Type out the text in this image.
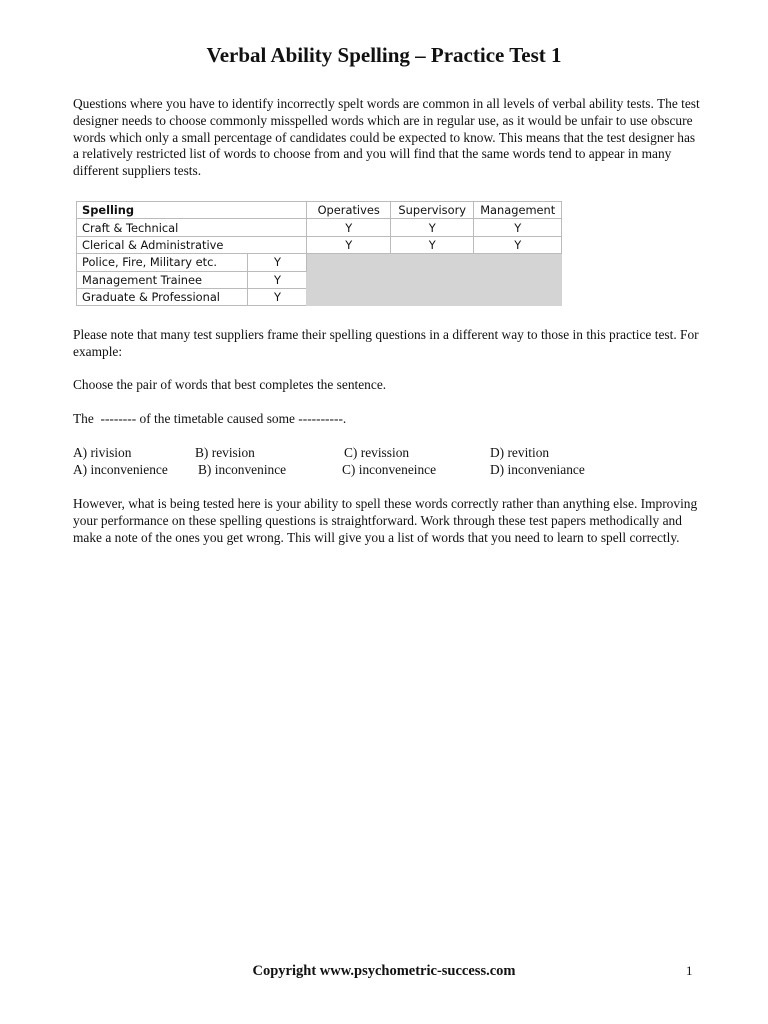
Verbal Ability Spelling – Practice Test 1

Questions where you have to identify incorrectly spelt words are common in all levels of verbal ability tests. The test designer needs to choose commonly misspelled words which are in regular use, as it would be unfair to use obscure words which only a small percentage of candidates could be expected to know. This means that the test designer has a relatively restricted list of words to choose from and you will find that the same words tend to appear in many different suppliers tests.

Spelling	Operatives	Supervisory	Management
Craft & Technical	Y	Y	Y
Clerical & Administrative	Y	Y	Y

Police, Fire, Military etc. Y			

Management Trainee Y			

Graduate & Professional Y			

Please note that many test suppliers frame their spelling questions in a different way to those in this practice test. For example:

Choose the pair of words that best completes the sentence.

The  -------- of the timetable caused some ----------.

A) rivision	B) revision	C) revission	D) revition
A) inconvenience B) inconvenince	C) inconveneince	D) inconveniance

However, what is being tested here is your ability to spell these words correctly rather than anything else. Improving your performance on these spelling questions is straightforward. Work through these test papers methodically and make a note of the ones you get wrong. This will give you a list of words that you need to learn to spell correctly.

Copyright www.psychometric-success.com	1
